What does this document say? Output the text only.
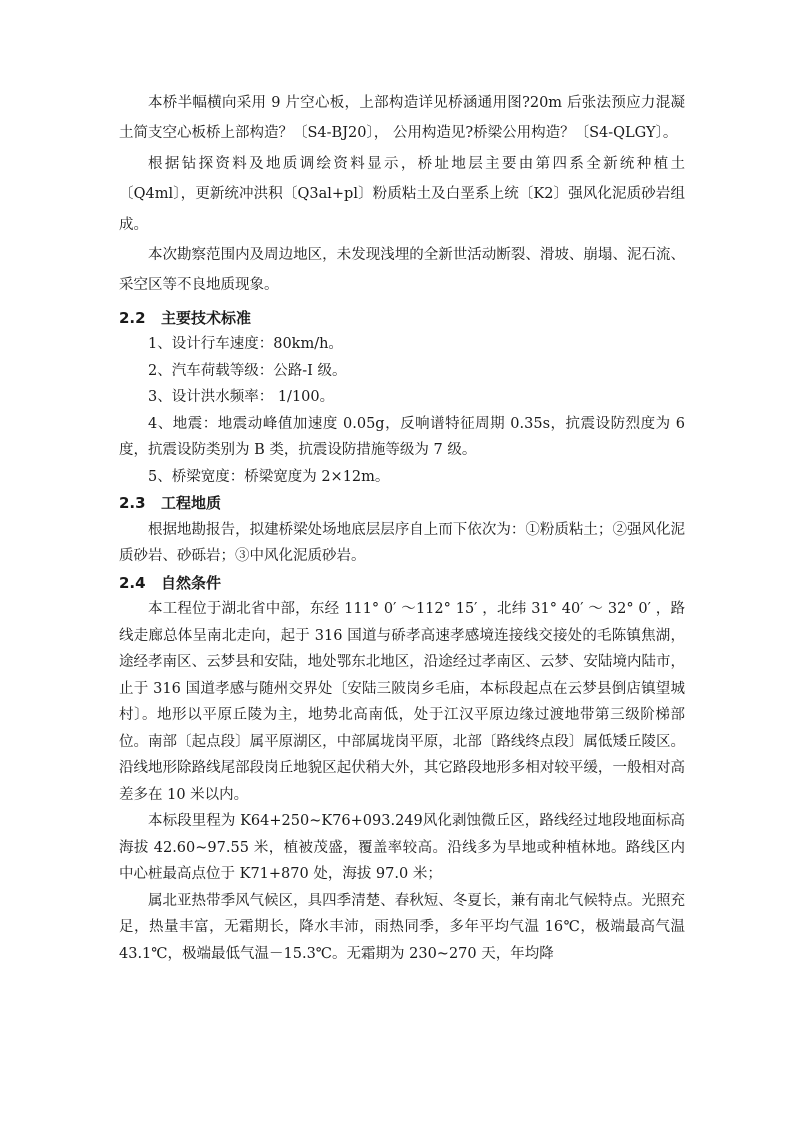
本桥半幅横向采用 9 片空心板，上部构造详见桥涵通用图?20m 后张法预应力混凝土简支空心板桥上部构造？〔S4-BJ20〕， 公用构造见?桥梁公用构造？〔S4-QLGY〕。

根据钻探资料及地质调绘资料显示，桥址地层主要由第四系全新统种植土〔Q4ml〕，更新统冲洪积〔Q3al+pl〕粉质粘土及白垩系上统〔K2〕强风化泥质砂岩组成。

本次勘察范围内及周边地区，未发现浅埋的全新世活动断裂、滑坡、崩塌、泥石流、采空区等不良地质现象。

2.2 主要技术标准

1、设计行车速度：80km/h。

2、汽车荷载等级：公路-I 级。

3、设计洪水频率： 1/100。

4、地震：地震动峰值加速度 0.05g，反响谱特征周期 0.35s，抗震设防烈度为 6 度，抗震设防类别为 B 类，抗震设防措施等级为 7 级。

5、桥梁宽度：桥梁宽度为 2×12m。

2.3 工程地质

根据地勘报告，拟建桥梁处场地底层层序自上而下依次为：①粉质粘土；②强风化泥质砂岩、砂砾岩；③中风化泥质砂岩。

2.4 自然条件

本工程位于湖北省中部，东经 111° 0′ ～112° 15′ ，北纬 31° 40′ ～ 32° 0′ ，路线走廊总体呈南北走向，起于 316 国道与硚孝高速孝感境连接线交接处的毛陈镇焦湖，途经孝南区、云梦县和安陆，地处鄂东北地区，沿途经过孝南区、云梦、安陆境内陆市，止于 316 国道孝感与随州交界处〔安陆三陂岗乡毛庙，本标段起点在云梦县倒店镇望城村〕。地形以平原丘陵为主，地势北高南低，处于江汉平原边缘过渡地带第三级阶梯部位。南部〔起点段〕属平原湖区，中部属垅岗平原，北部〔路线终点段〕属低矮丘陵区。沿线地形除路线尾部段岗丘地貌区起伏稍大外，其它路段地形多相对较平缓，一般相对高差多在 10 米以内。

本标段里程为 K64+250~K76+093.249风化剥蚀微丘区，路线经过地段地面标高海拔 42.60~97.55 米，植被茂盛，覆盖率较高。沿线多为旱地或种植林地。路线区内中心桩最高点位于 K71+870 处，海拔 97.0 米；

属北亚热带季风气候区，具四季清楚、春秋短、冬夏长，兼有南北气候特点。光照充足，热量丰富，无霜期长，降水丰沛，雨热同季，多年平均气温 16℃，极端最高气温 43.1℃，极端最低气温－15.3℃。无霜期为 230~270 天，年均降
